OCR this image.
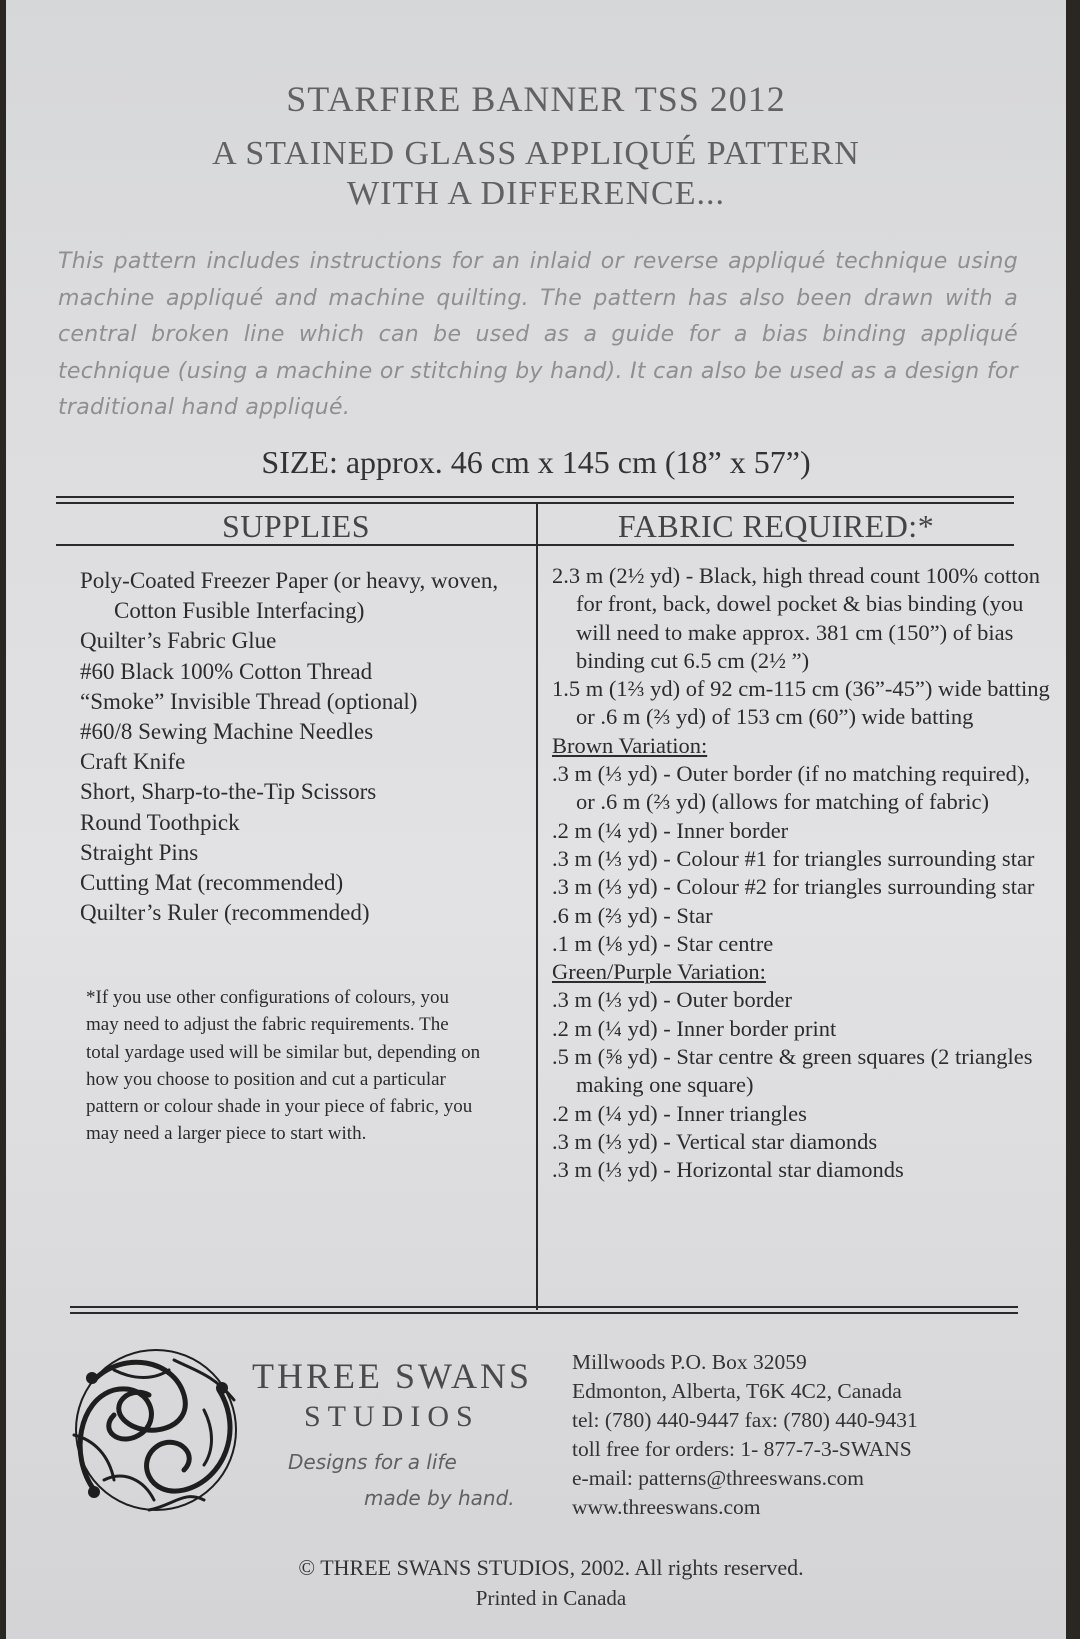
STARFIRE BANNER TSS 2012
A STAINED GLASS APPLIQUÉ PATTERN
WITH A DIFFERENCE...
This pattern includes instructions for an inlaid or reverse appliqué technique using machine appliqué and machine quilting. The pattern has also been drawn with a central broken line which can be used as a guide for a bias binding appliqué technique (using a machine or stitching by hand). It can also be used as a design for traditional hand appliqué.
SIZE: approx. 46 cm x 145 cm (18” x 57”)
SUPPLIES	FABRIC REQUIRED:*
Poly-Coated Freezer Paper (or heavy, woven, Cotton Fusible Interfacing)
Quilter’s Fabric Glue
#60 Black 100% Cotton Thread
“Smoke” Invisible Thread (optional)
#60/8 Sewing Machine Needles
Craft Knife
Short, Sharp-to-the-Tip Scissors
Round Toothpick
Straight Pins
Cutting Mat (recommended)
Quilter’s Ruler (recommended)
*If you use other configurations of colours, you may need to adjust the fabric requirements. The total yardage used will be similar but, depending on how you choose to position and cut a particular pattern or colour shade in your piece of fabric, you may need a larger piece to start with.
2.3 m (2½ yd) - Black, high thread count 100% cotton for front, back, dowel pocket & bias binding (you will need to make approx. 381 cm (150”) of bias binding cut 6.5 cm (2½ ”)
1.5 m (1⅔ yd) of 92 cm-115 cm (36”-45”) wide batting or .6 m (⅔ yd) of 153 cm (60”) wide batting
Brown Variation:
.3 m (⅓ yd) - Outer border (if no matching required), or .6 m (⅔ yd) (allows for matching of fabric)
.2 m (¼ yd) - Inner border
.3 m (⅓ yd) - Colour #1 for triangles surrounding star
.3 m (⅓ yd) - Colour #2 for triangles surrounding star
.6 m (⅔ yd) - Star
.1 m (⅛ yd) - Star centre
Green/Purple Variation:
.3 m (⅓ yd) - Outer border
.2 m (¼ yd) - Inner border print
.5 m (⅝ yd) - Star centre & green squares (2 triangles making one square)
.2 m (¼ yd) - Inner triangles
.3 m (⅓ yd) - Vertical star diamonds
.3 m (⅓ yd) - Horizontal star diamonds
THREE SWANS
STUDIOS
Designs for a life
made by hand.
Millwoods P.O. Box 32059
Edmonton, Alberta, T6K 4C2, Canada
tel: (780) 440-9447 fax: (780) 440-9431
toll free for orders: 1- 877-7-3-SWANS
e-mail: patterns@threeswans.com
www.threeswans.com
© THREE SWANS STUDIOS, 2002. All rights reserved.
Printed in Canada
